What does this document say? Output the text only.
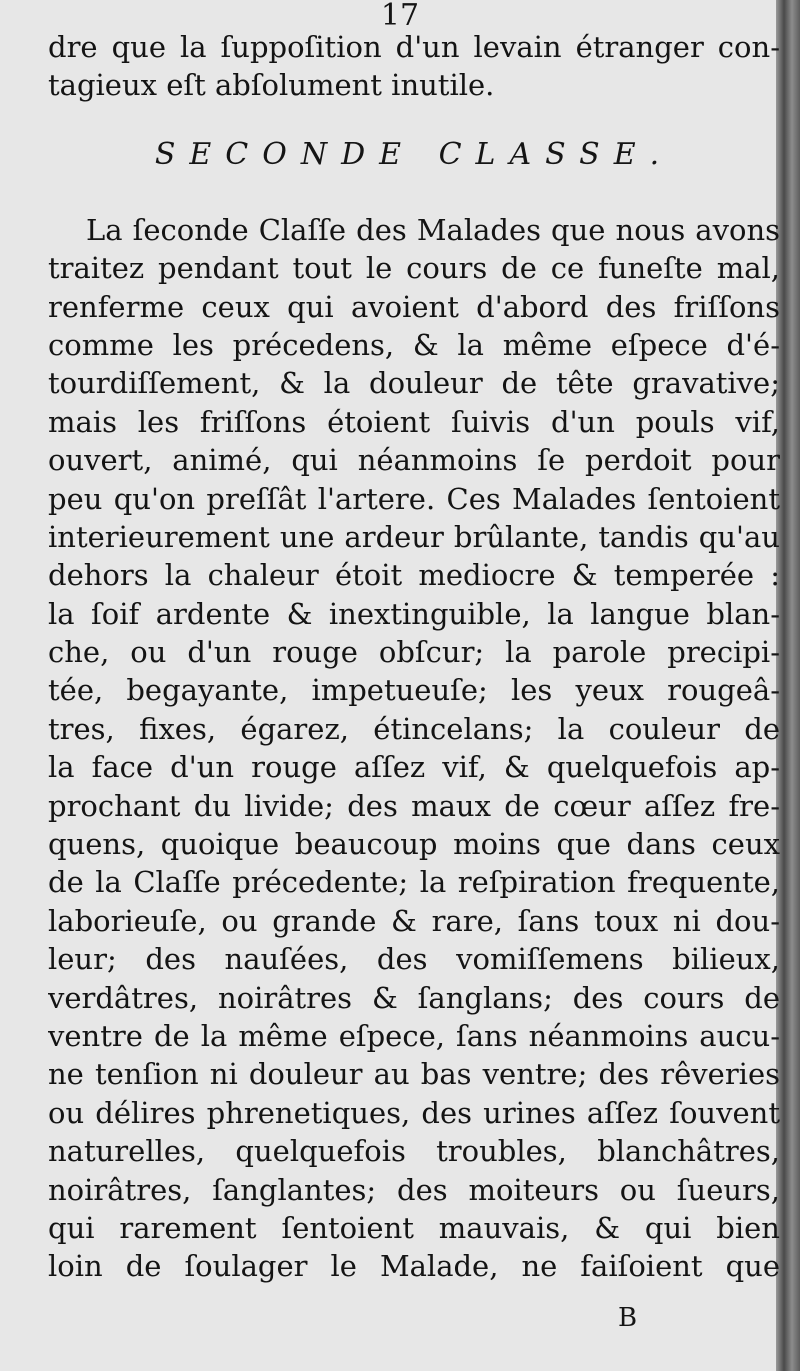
17
dre que la ſuppoſition d'un levain étranger con-
tagieux eſt abſolument inutile.
SECONDE CLASSE.
La ſeconde Claſſe des Malades que nous avons
traitez pendant tout le cours de ce funeſte mal,
renferme ceux qui avoient d'abord des friſſons
comme les précedens, & la même eſpece d'é-
tourdiſſement, & la douleur de tête gravative;
mais les friſſons étoient ſuivis d'un pouls vif,
ouvert, animé, qui néanmoins ſe perdoit pour
peu qu'on preſſât l'artere. Ces Malades ſentoient
interieurement une ardeur brûlante, tandis qu'au
dehors la chaleur étoit mediocre & temperée :
la ſoif ardente & inextinguible, la langue blan-
che, ou d'un rouge obſcur; la parole precipi-
tée, begayante, impetueuſe; les yeux rougeâ-
tres, fixes, égarez, étincelans; la couleur de
la face d'un rouge aſſez vif, & quelquefois ap-
prochant du livide; des maux de cœur aſſez fre-
quens, quoique beaucoup moins que dans ceux
de la Claſſe précedente; la reſpiration frequente,
laborieuſe, ou grande & rare, ſans toux ni dou-
leur; des nauſées, des vomiſſemens bilieux,
verdâtres, noirâtres & ſanglans; des cours de
ventre de la même eſpece, ſans néanmoins aucu-
ne tenſion ni douleur au bas ventre; des rêveries
ou délires phrenetiques, des urines aſſez ſouvent
naturelles, quelquefois troubles, blanchâtres,
noirâtres, ſanglantes; des moiteurs ou ſueurs,
qui rarement ſentoient mauvais, & qui bien
loin de ſoulager le Malade, ne faiſoient que
B
